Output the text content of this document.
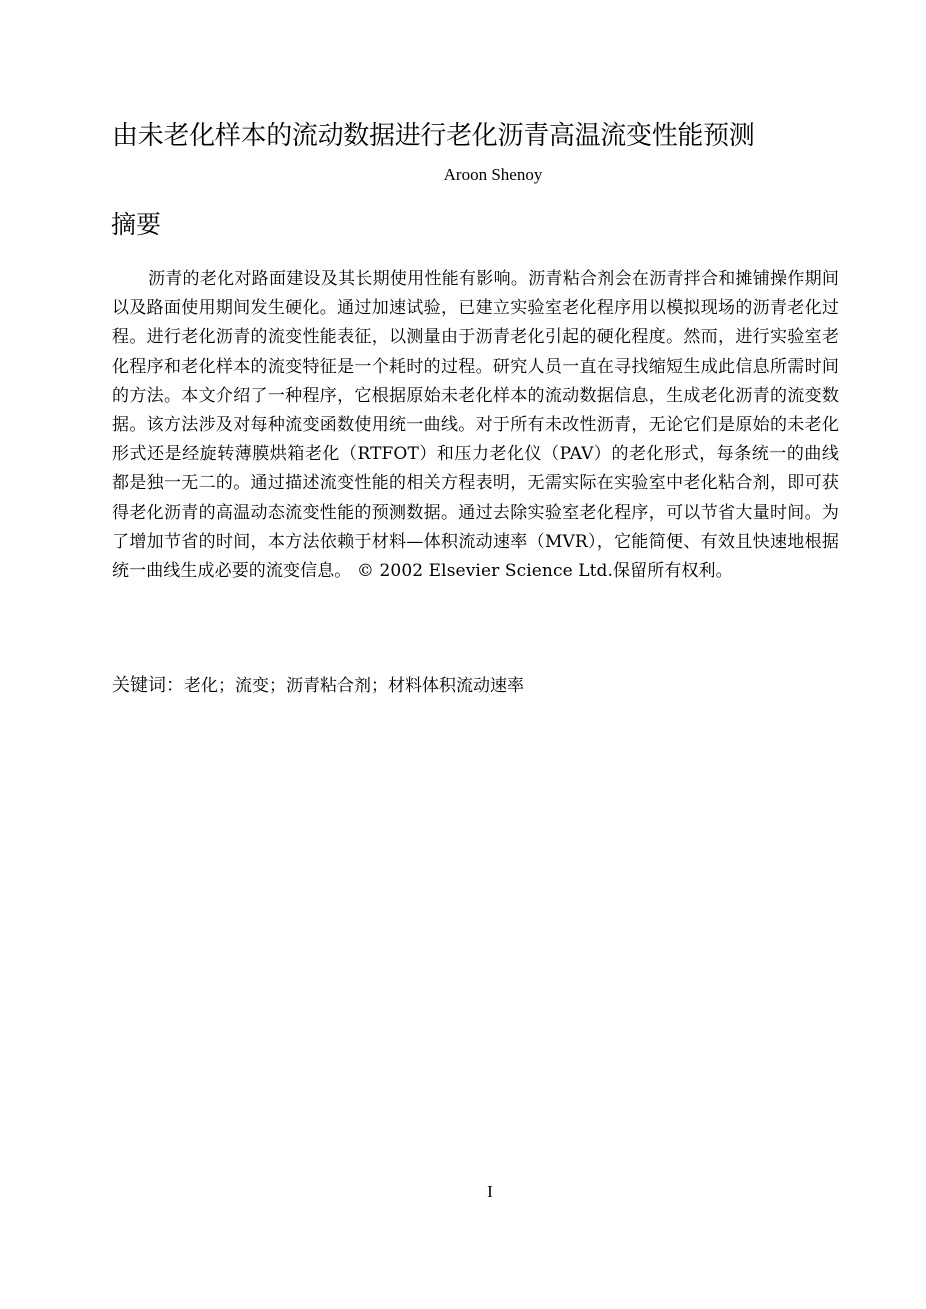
由未老化样本的流动数据进行老化沥青高温流变性能预测
Aroon Shenoy
摘要

沥青的老化对路面建设及其长期使用性能有影响。沥青粘合剂会在沥青拌合和摊铺操作期间以及路面使用期间发生硬化。通过加速试验，已建立实验室老化程序用以模拟现场的沥青老化过程。进行老化沥青的流变性能表征，以测量由于沥青老化引起的硬化程度。然而，进行实验室老化程序和老化样本的流变特征是一个耗时的过程。研究人员一直在寻找缩短生成此信息所需时间的方法。本文介绍了一种程序，它根据原始未老化样本的流动数据信息，生成老化沥青的流变数据。该方法涉及对每种流变函数使用统一曲线。对于所有未改性沥青，无论它们是原始的未老化形式还是经旋转薄膜烘箱老化（RTFOT）和压力老化仪（PAV）的老化形式，每条统一的曲线都是独一无二的。通过描述流变性能的相关方程表明，无需实际在实验室中老化粘合剂，即可获得老化沥青的高温动态流变性能的预测数据。通过去除实验室老化程序，可以节省大量时间。为了增加节省的时间，本方法依赖于材料—体积流动速率（MVR），它能简便、有效且快速地根据统一曲线生成必要的流变信息。 © 2002 Elsevier Science Ltd.保留所有权利。

关键词：老化；流变；沥青粘合剂；材料体积流动速率
I
